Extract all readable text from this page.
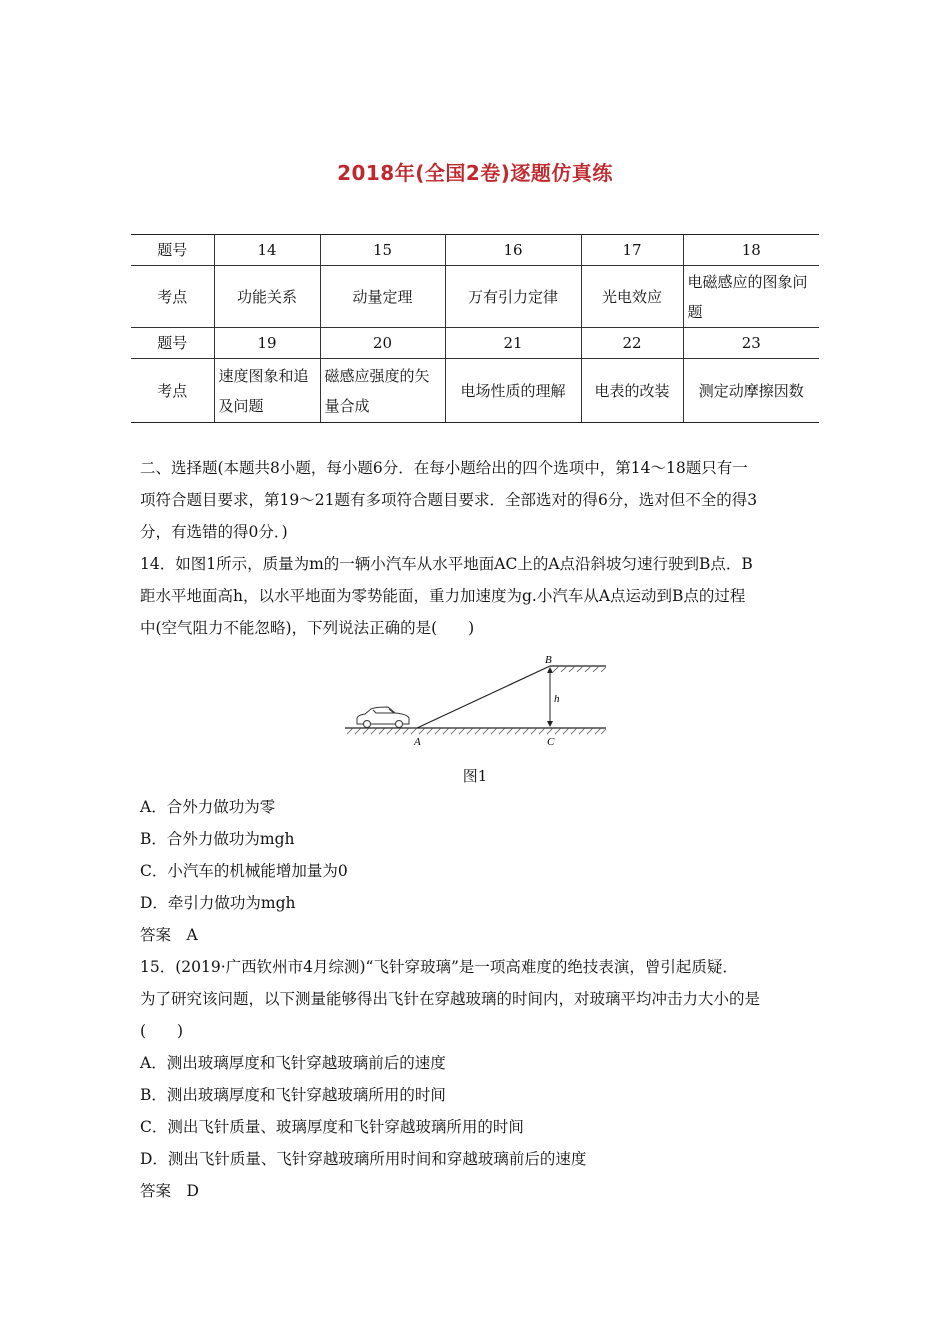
2018年(全国2卷)逐题仿真练
题号	14	15	16	17	18
考点	功能关系	动量定理	万有引力定律	光电效应	电磁感应的图象问题
题号	19	20	21	22	23
考点	速度图象和追及问题	磁感应强度的矢量合成	电场性质的理解	电表的改装	测定动摩擦因数
二、选择题(本题共8小题，每小题6分．在每小题给出的四个选项中，第14～18题只有一
项符合题目要求，第19～21题有多项符合题目要求．全部选对的得6分，选对但不全的得3
分，有选错的得0分．)
14．如图1所示，质量为m的一辆小汽车从水平地面AC上的A点沿斜坡匀速行驶到B点．B
距水平地面高h，以水平地面为零势能面，重力加速度为g.小汽车从A点运动到B点的过程
中(空气阻力不能忽略)，下列说法正确的是(　　)
A
B
C
h
图1
A．合外力做功为零
B．合外力做功为mgh
C．小汽车的机械能增加量为0
D．牵引力做功为mgh
答案　A
15．(2019·广西钦州市4月综测)“飞针穿玻璃”是一项高难度的绝技表演，曾引起质疑．
为了研究该问题，以下测量能够得出飞针在穿越玻璃的时间内，对玻璃平均冲击力大小的是
(　　)
A．测出玻璃厚度和飞针穿越玻璃前后的速度
B．测出玻璃厚度和飞针穿越玻璃所用的时间
C．测出飞针质量、玻璃厚度和飞针穿越玻璃所用的时间
D．测出飞针质量、飞针穿越玻璃所用时间和穿越玻璃前后的速度
答案　D
